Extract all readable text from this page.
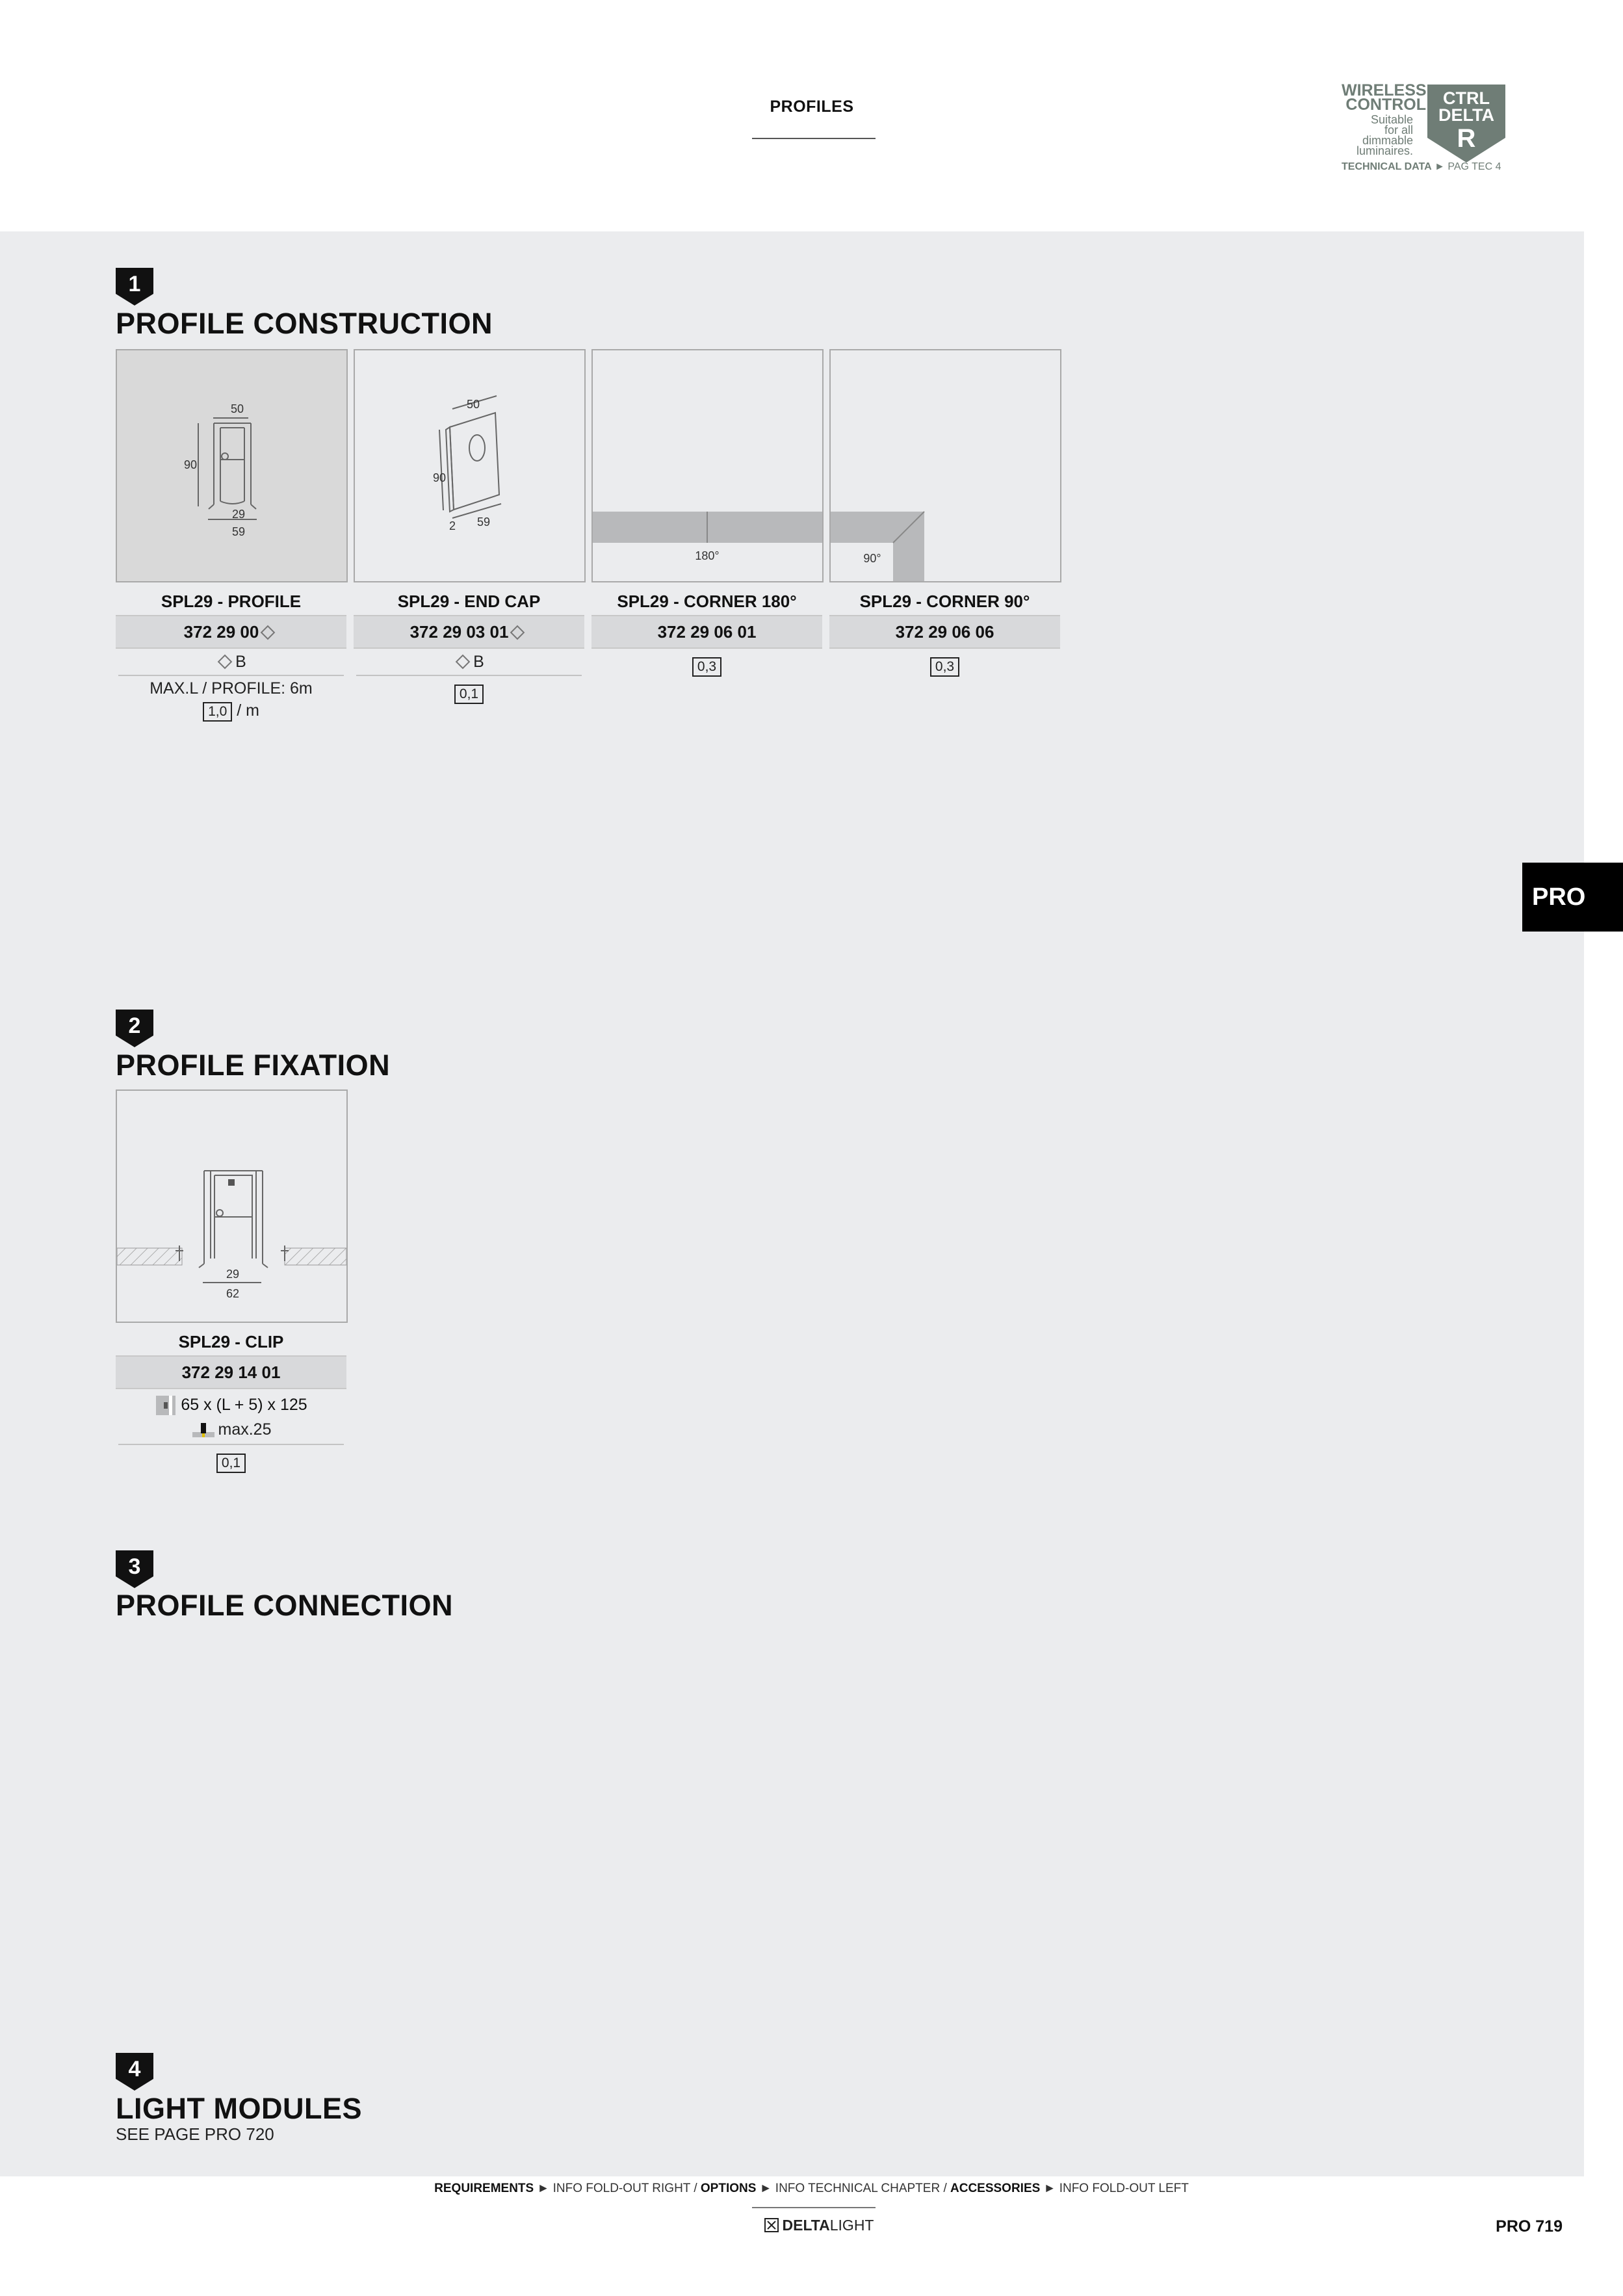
PROFILES
WIRELESS
CONTROL
Suitable
for all
dimmable
luminaires.
CTRL
DELTA
R
TECHNICAL DATA ► PAG TEC 4
1
PROFILE CONSTRUCTION
50
90
29
59
SPL29 - PROFILE
372 29 00
B
MAX.L / PROFILE: 6m
1,0 / m
50
90
2 59
SPL29 - END CAP
372 29 03 01
B
0,1
180°
SPL29 - CORNER 180°
372 29 06 01
0,3
90°
SPL29 - CORNER 90°
372 29 06 06
0,3
PRO
2
PROFILE FIXATION
29
62
SPL29 - CLIP
372 29 14 01
65 x (L + 5) x 125
max.25
0,1
3
PROFILE CONNECTION
4
LIGHT MODULES
SEE PAGE PRO 720
REQUIREMENTS ► INFO FOLD-OUT RIGHT / OPTIONS ► INFO TECHNICAL CHAPTER / ACCESSORIES ► INFO FOLD-OUT LEFT
DELTALIGHT	PRO 719
